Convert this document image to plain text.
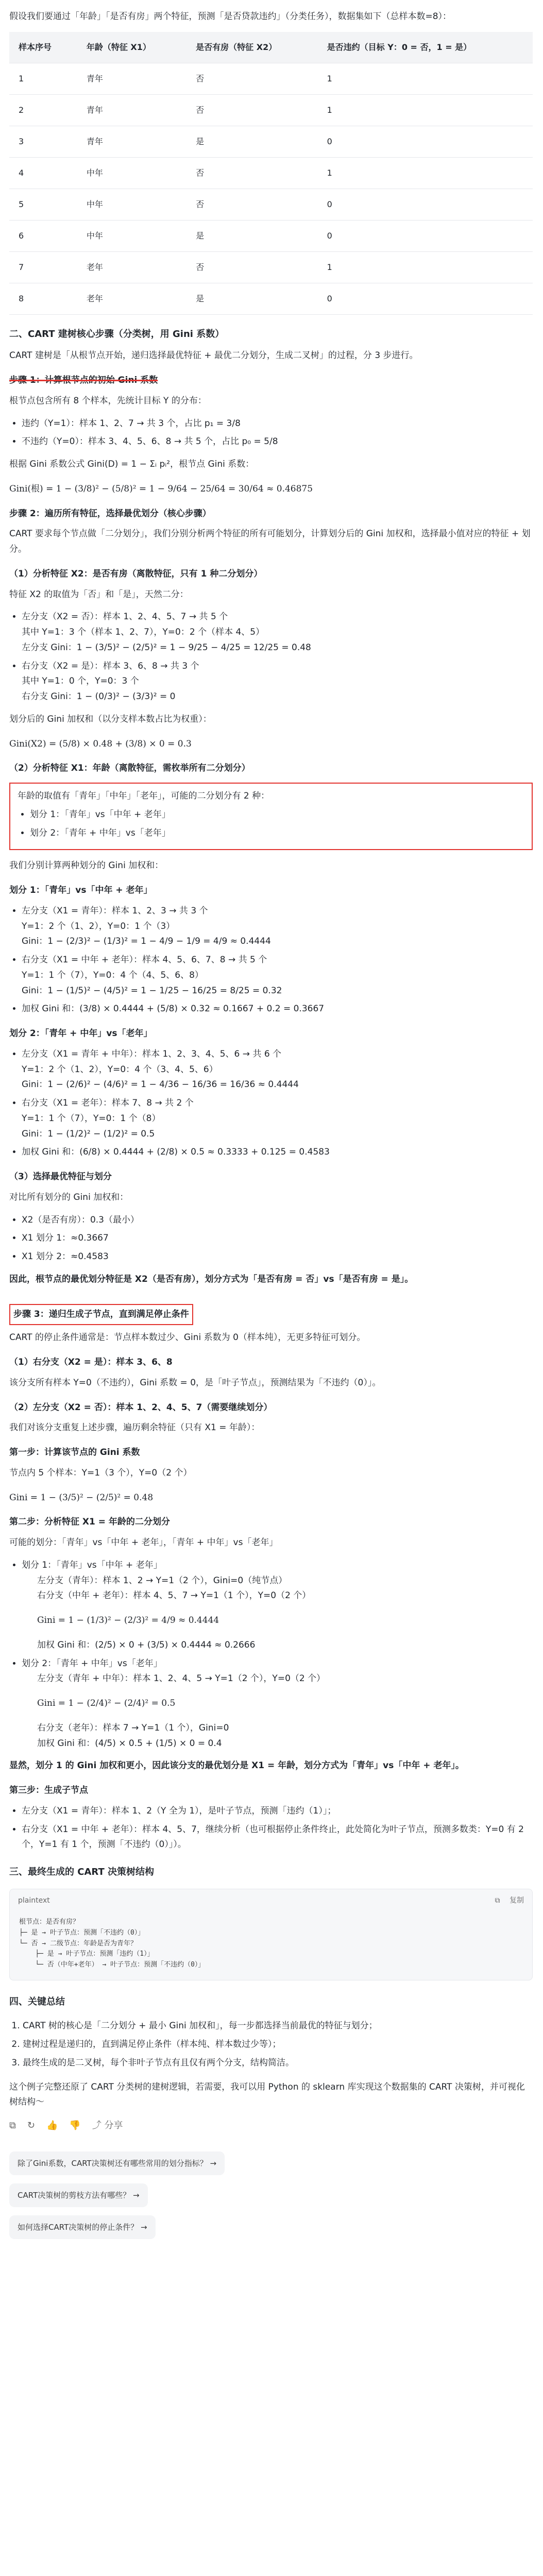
假设我们要通过「年龄」「是否有房」两个特征，预测「是否贷款违约」（分类任务），数据集如下（总样本数=8）：

样本序号	年龄（特征 X1）	是否有房（特征 X2）	是否违约（目标 Y：0 = 否，1 = 是）
1	青年	否	1
2	青年	否	1
3	青年	是	0
4	中年	否	1
5	中年	否	0
6	中年	是	0
7	老年	否	1
8	老年	是	0
二、CART 建树核心步骤（分类树，用 Gini 系数）

CART 建树是「从根节点开始，递归选择最优特征 + 最优二分划分，生成二叉树」的过程，分 3 步进行。

步骤 1：计算根节点的初始 Gini 系数

根节点包含所有 8 个样本，先统计目标 Y 的分布：

• 违约（Y=1）：样本 1、2、7 → 共 3 个，占比 p₁ = 3/8
• 不违约（Y=0）：样本 3、4、5、6、8 → 共 5 个，占比 p₀ = 5/8

根据 Gini 系数公式 Gini(D) = 1 − Σᵢ pᵢ²，根节点 Gini 系数：

Gini(根) = 1 − (3/8)² − (5/8)² = 1 − 9/64 − 25/64 = 30/64 ≈ 0.46875

步骤 2：遍历所有特征，选择最优划分（核心步骤）

CART 要求每个节点做「二分划分」，我们分别分析两个特征的所有可能划分，计算划分后的 Gini 加权和，选择最小值对应的特征 + 划分。

（1）分析特征 X2：是否有房（离散特征，只有 1 种二分划分）

特征 X2 的取值为「否」和「是」，天然二分：

• 左分支（X2 = 否）：样本 1、2、4、5、7 → 共 5 个
其中 Y=1：3 个（样本 1、2、7），Y=0：2 个（样本 4、5）
左分支 Gini：1 − (3/5)² − (2/5)² = 1 − 9/25 − 4/25 = 12/25 = 0.48
• 右分支（X2 = 是）：样本 3、6、8 → 共 3 个
其中 Y=1：0 个，Y=0：3 个
右分支 Gini：1 − (0/3)² − (3/3)² = 0

划分后的 Gini 加权和（以分支样本数占比为权重）：

Gini(X2) = (5/8) × 0.48 + (3/8) × 0 = 0.3

（2）分析特征 X1：年龄（离散特征，需枚举所有二分划分）
年龄的取值有「青年」「中年」「老年」，可能的二分划分有 2 种：
• 划分 1：「青年」vs「中年 + 老年」
• 划分 2：「青年 + 中年」vs「老年」

我们分别计算两种划分的 Gini 加权和：

划分 1：「青年」vs「中年 + 老年」
• 左分支（X1 = 青年）：样本 1、2、3 → 共 3 个
Y=1：2 个（1、2），Y=0：1 个（3）
Gini：1 − (2/3)² − (1/3)² = 1 − 4/9 − 1/9 = 4/9 ≈ 0.4444
• 右分支（X1 = 中年 + 老年）：样本 4、5、6、7、8 → 共 5 个
Y=1：1 个（7），Y=0：4 个（4、5、6、8）
Gini：1 − (1/5)² − (4/5)² = 1 − 1/25 − 16/25 = 8/25 = 0.32
• 加权 Gini 和：(3/8) × 0.4444 + (5/8) × 0.32 ≈ 0.1667 + 0.2 = 0.3667
划分 2：「青年 + 中年」vs「老年」
• 左分支（X1 = 青年 + 中年）：样本 1、2、3、4、5、6 → 共 6 个
Y=1：2 个（1、2），Y=0：4 个（3、4、5、6）
Gini：1 − (2/6)² − (4/6)² = 1 − 4/36 − 16/36 = 16/36 ≈ 0.4444
• 右分支（X1 = 老年）：样本 7、8 → 共 2 个
Y=1：1 个（7），Y=0：1 个（8）
Gini：1 − (1/2)² − (1/2)² = 0.5
• 加权 Gini 和：(6/8) × 0.4444 + (2/8) × 0.5 ≈ 0.3333 + 0.125 = 0.4583
（3）选择最优特征与划分

对比所有划分的 Gini 加权和：

• X2（是否有房）：0.3（最小）
• X1 划分 1：≈0.3667
• X1 划分 2：≈0.4583

因此，根节点的最优划分特征是 X2（是否有房），划分方式为「是否有房 = 否」vs「是否有房 = 是」。

步骤 3：递归生成子节点，直到满足停止条件

CART 的停止条件通常是：节点样本数过少、Gini 系数为 0（样本纯），无更多特征可划分。

（1）右分支（X2 = 是）：样本 3、6、8

该分支所有样本 Y=0（不违约），Gini 系数 = 0，是「叶子节点」，预测结果为「不违约（0）」。

（2）左分支（X2 = 否）：样本 1、2、4、5、7（需要继续划分）

我们对该分支重复上述步骤，遍历剩余特征（只有 X1 = 年龄）：

第一步：计算该节点的 Gini 系数

节点内 5 个样本：Y=1（3 个），Y=0（2 个）

Gini = 1 − (3/5)² − (2/5)² = 0.48

第二步：分析特征 X1 = 年龄的二分划分

可能的划分：「青年」vs「中年 + 老年」，「青年 + 中年」vs「老年」

• 划分 1：「青年」vs「中年 + 老年」
左分支（青年）：样本 1、2 → Y=1（2 个），Gini=0（纯节点）
右分支（中年 + 老年）：样本 4、5、7 → Y=1（1 个），Y=0（2 个）
Gini = 1 − (1/3)² − (2/3)² = 4/9 ≈ 0.4444
加权 Gini 和：(2/5) × 0 + (3/5) × 0.4444 ≈ 0.2666
• 划分 2：「青年 + 中年」vs「老年」
左分支（青年 + 中年）：样本 1、2、4、5 → Y=1（2 个），Y=0（2 个）
Gini = 1 − (2/4)² − (2/4)² = 0.5
右分支（老年）：样本 7 → Y=1（1 个），Gini=0
加权 Gini 和：(4/5) × 0.5 + (1/5) × 0 = 0.4

显然，划分 1 的 Gini 加权和更小，因此该分支的最优划分是 X1 = 年龄，划分方式为「青年」vs「中年 + 老年」。

第三步：生成子节点
• 左分支（X1 = 青年）：样本 1、2（Y 全为 1），是叶子节点，预测「违约（1）」；
• 右分支（X1 = 中年 + 老年）：样本 4、5、7，继续分析（也可根据停止条件终止，此处简化为叶子节点，预测多数类：Y=0 有 2 个，Y=1 有 1 个，预测「不违约（0）」）。
三、最终生成的 CART 决策树结构
plaintext	⧉ 复制
根节点：是否有房？
├─ 是 → 叶子节点：预测「不违约（0）」
└─ 否 → 二级节点：年龄是否为青年？
├─ 是 → 叶子节点：预测「违约（1）」
└─ 否（中年+老年） → 叶子节点：预测「不违约（0）」
四、关键总结
1. CART 树的核心是「二分划分 + 最小 Gini 加权和」，每一步都选择当前最优的特征与划分；
2. 建树过程是递归的，直到满足停止条件（样本纯、样本数过少等）；
3. 最终生成的是二叉树，每个非叶子节点有且仅有两个分支，结构简洁。

这个例子完整还原了 CART 分类树的建树逻辑，若需要，我可以用 Python 的 sklearn 库实现这个数据集的 CART 决策树，并可视化树结构～

⧉ ↻ 👍 👎 ⤴ 分享
除了Gini系数，CART决策树还有哪些常用的划分指标？ →
CART决策树的剪枝方法有哪些？ →
如何选择CART决策树的停止条件？ →
